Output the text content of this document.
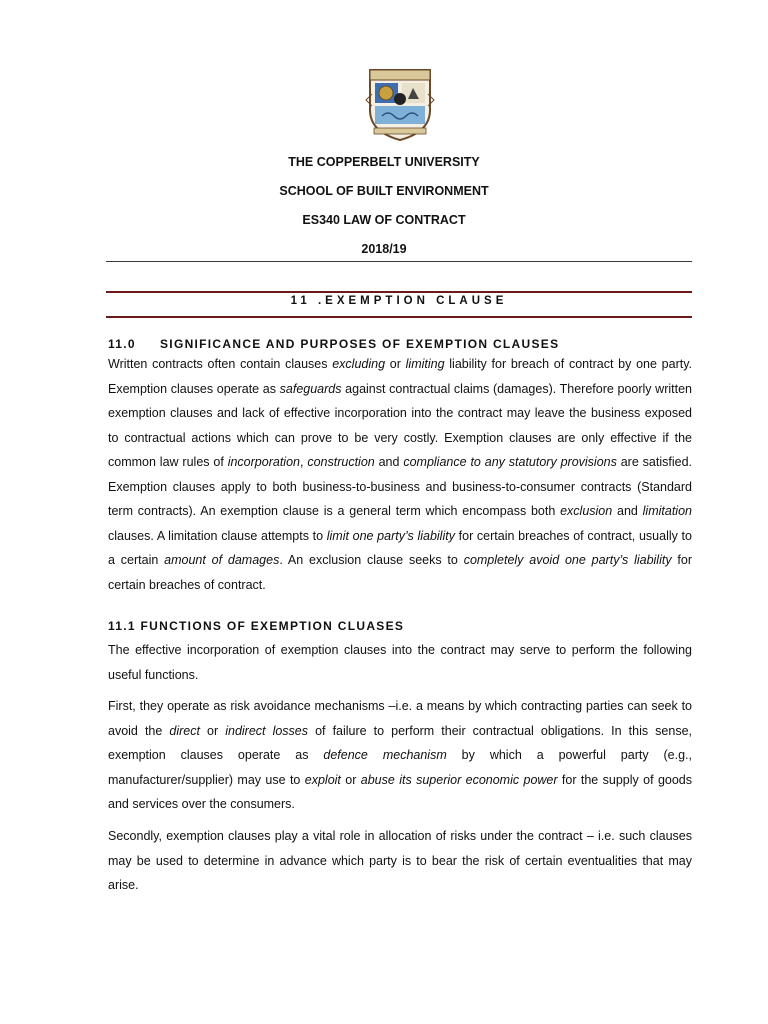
THE COPPERBELT UNIVERSITY
SCHOOL OF BUILT ENVIRONMENT
ES340 LAW OF CONTRACT
2018/19
11 .EXEMPTION CLAUSE
11.0 SIGNIFICANCE AND PURPOSES OF EXEMPTION CLAUSES

Written contracts often contain clauses excluding or limiting liability for breach of contract by one party. Exemption clauses operate as safeguards against contractual claims (damages). Therefore poorly written exemption clauses and lack of effective incorporation into the contract may leave the business exposed to contractual actions which can prove to be very costly. Exemption clauses are only effective if the common law rules of incorporation, construction and compliance to any statutory provisions are satisfied. Exemption clauses apply to both business-to-business and business-to-consumer contracts (Standard term contracts). An exemption clause is a general term which encompass both exclusion and limitation clauses. A limitation clause attempts to limit one party’s liability for certain breaches of contract, usually to a certain amount of damages. An exclusion clause seeks to completely avoid one party’s liability for certain breaches of contract.

11.1 FUNCTIONS OF EXEMPTION CLUASES

The effective incorporation of exemption clauses into the contract may serve to perform the following useful functions.

First, they operate as risk avoidance mechanisms –i.e. a means by which contracting parties can seek to avoid the direct or indirect losses of failure to perform their contractual obligations. In this sense, exemption clauses operate as defence mechanism by which a powerful party (e.g., manufacturer/supplier) may use to exploit or abuse its superior economic power for the supply of goods and services over the consumers.

Secondly, exemption clauses play a vital role in allocation of risks under the contract – i.e. such clauses may be used to determine in advance which party is to bear the risk of certain eventualities that may arise.
